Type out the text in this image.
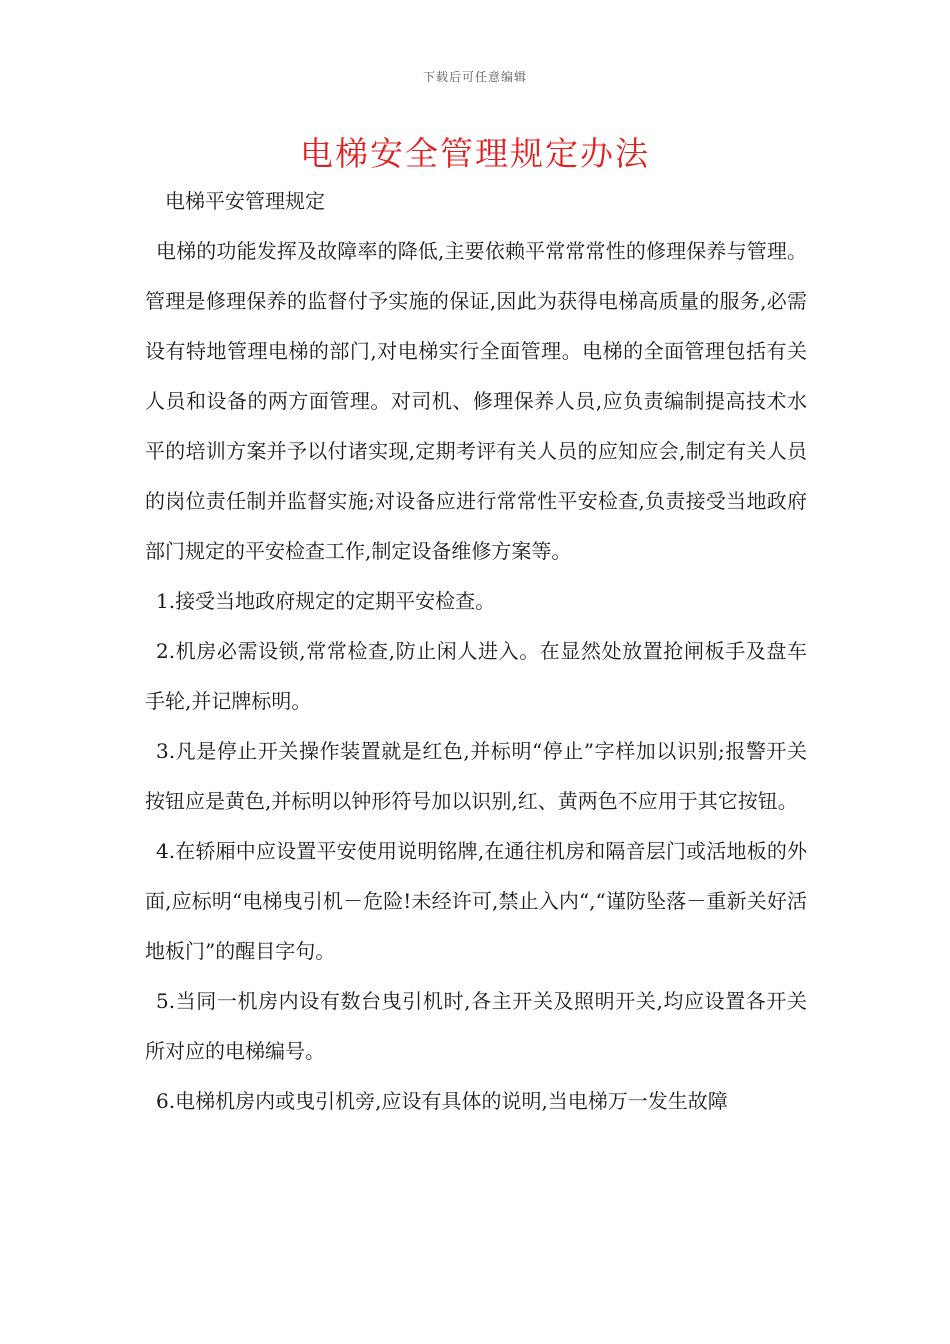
下载后可任意编辑
电梯安全管理规定办法

电梯平安管理规定

电梯的功能发挥及故障率的降低,主要依赖平常常常性的修理保养与管理。管理是修理保养的监督付予实施的保证,因此为获得电梯高质量的服务,必需设有特地管理电梯的部门,对电梯实行全面管理。电梯的全面管理包括有关人员和设备的两方面管理。对司机、修理保养人员,应负责编制提高技术水平的培训方案并予以付诸实现,定期考评有关人员的应知应会,制定有关人员的岗位责任制并监督实施;对设备应进行常常性平安检查,负责接受当地政府部门规定的平安检查工作,制定设备维修方案等。

1.接受当地政府规定的定期平安检查。

2.机房必需设锁,常常检查,防止闲人进入。在显然处放置抢闸板手及盘车手轮,并记牌标明。

3.凡是停止开关操作装置就是红色,并标明“停止”字样加以识别;报警开关按钮应是黄色,并标明以钟形符号加以识别,红、黄两色不应用于其它按钮。

4.在轿厢中应设置平安使用说明铭牌,在通往机房和隔音层门或活地板的外面,应标明“电梯曳引机－危险!未经许可,禁止入内“,“谨防坠落－重新关好活地板门”的醒目字句。

5.当同一机房内设有数台曳引机时,各主开关及照明开关,均应设置各开关所对应的电梯编号。

6.电梯机房内或曳引机旁,应设有具体的说明,当电梯万一发生故障
